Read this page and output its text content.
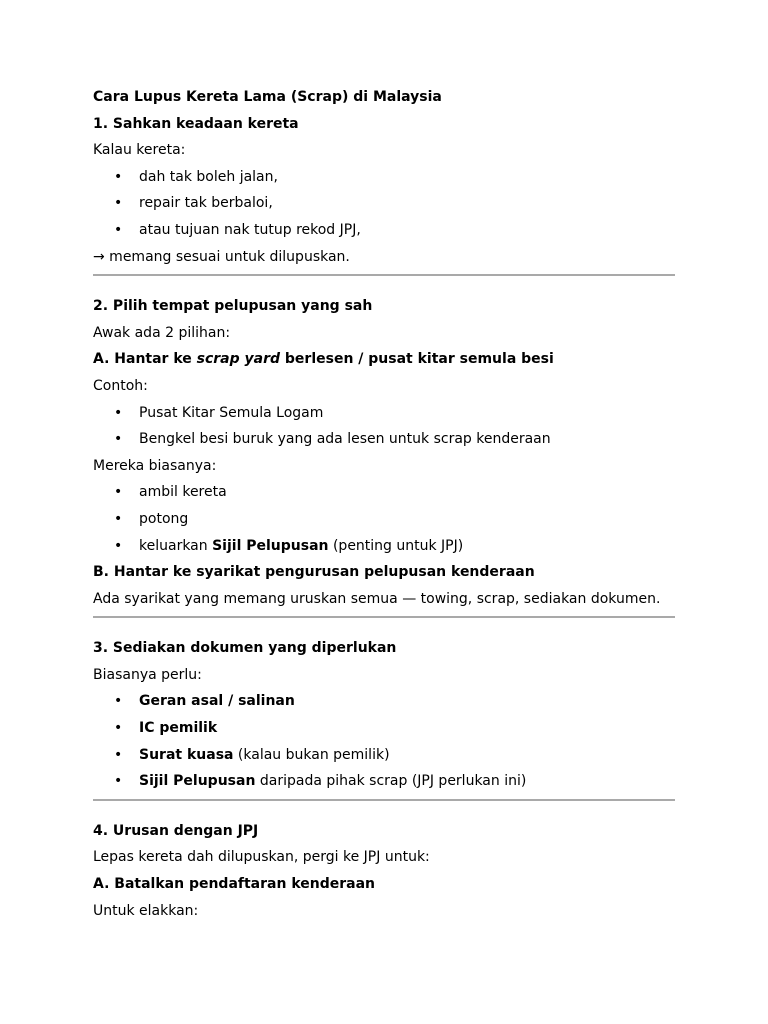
Cara Lupus Kereta Lama (Scrap) di Malaysia
1. Sahkan keadaan kereta
Kalau kereta:
• dah tak boleh jalan,
• repair tak berbaloi,
• atau tujuan nak tutup rekod JPJ,
→ memang sesuai untuk dilupuskan.
2. Pilih tempat pelupusan yang sah
Awak ada 2 pilihan:
A. Hantar ke scrap yard berlesen / pusat kitar semula besi
Contoh:
• Pusat Kitar Semula Logam
• Bengkel besi buruk yang ada lesen untuk scrap kenderaan
Mereka biasanya:
• ambil kereta
• potong
• keluarkan Sijil Pelupusan (penting untuk JPJ)
B. Hantar ke syarikat pengurusan pelupusan kenderaan
Ada syarikat yang memang uruskan semua — towing, scrap, sediakan dokumen.
3. Sediakan dokumen yang diperlukan
Biasanya perlu:
• Geran asal / salinan
• IC pemilik
• Surat kuasa (kalau bukan pemilik)
• Sijil Pelupusan daripada pihak scrap (JPJ perlukan ini)
4. Urusan dengan JPJ
Lepas kereta dah dilupuskan, pergi ke JPJ untuk:
A. Batalkan pendaftaran kenderaan
Untuk elakkan:
